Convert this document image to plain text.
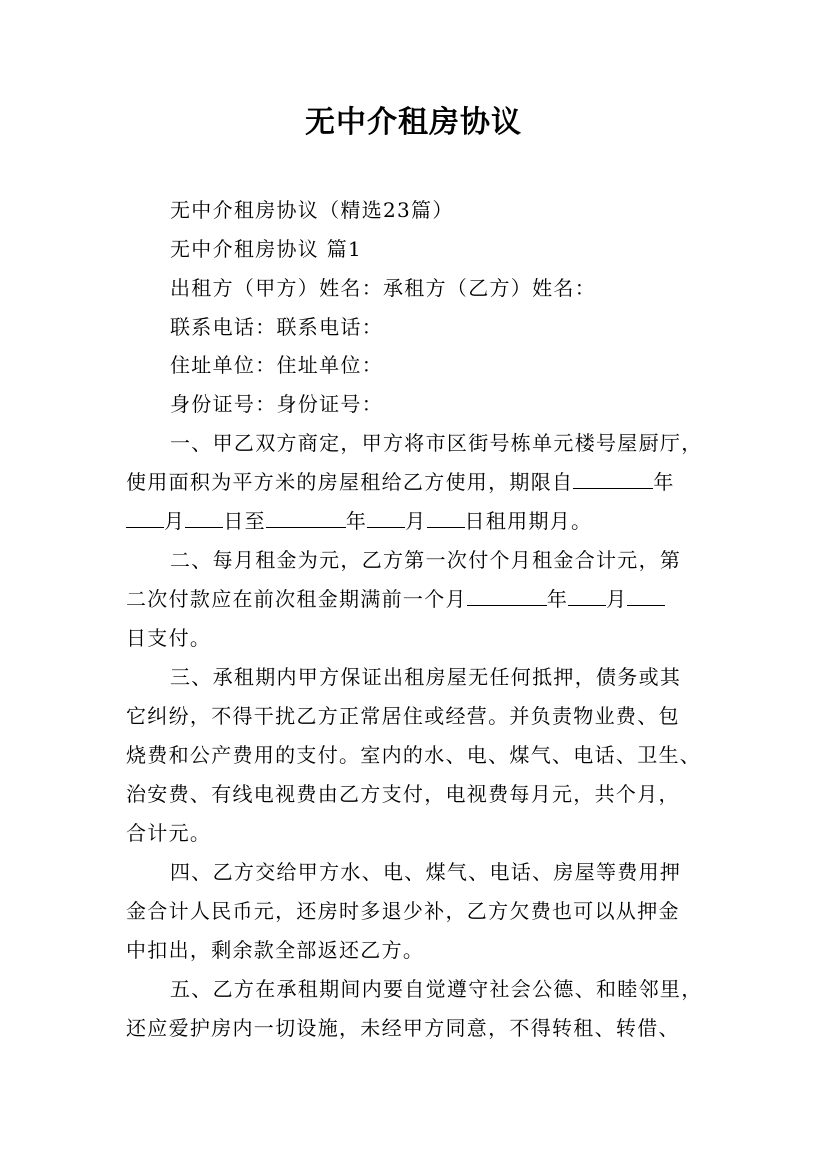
无中介租房协议
无中介租房协议（精选23篇）
无中介租房协议 篇1
出租方（甲方）姓名：承租方（乙方）姓名：
联系电话：联系电话：
住址单位：住址单位：
身份证号：身份证号：
一、甲乙双方商定，甲方将市区街号栋单元楼号屋厨厅，
使用面积为平方米的房屋租给乙方使用，期限自	年
月 日至	年 月 日租用期月。
二、每月租金为元，乙方第一次付个月租金合计元，第
二次付款应在前次租金期满前一个月	年 月
日支付。
三、承租期内甲方保证出租房屋无任何抵押，债务或其
它纠纷，不得干扰乙方正常居住或经营。并负责物业费、包
烧费和公产费用的支付。室内的水、电、煤气、电话、卫生、
治安费、有线电视费由乙方支付，电视费每月元，共个月，
合计元。
四、乙方交给甲方水、电、煤气、电话、房屋等费用押
金合计人民币元，还房时多退少补，乙方欠费也可以从押金
中扣出，剩余款全部返还乙方。
五、乙方在承租期间内要自觉遵守社会公德、和睦邻里，
还应爱护房内一切设施，未经甲方同意，不得转租、转借、
